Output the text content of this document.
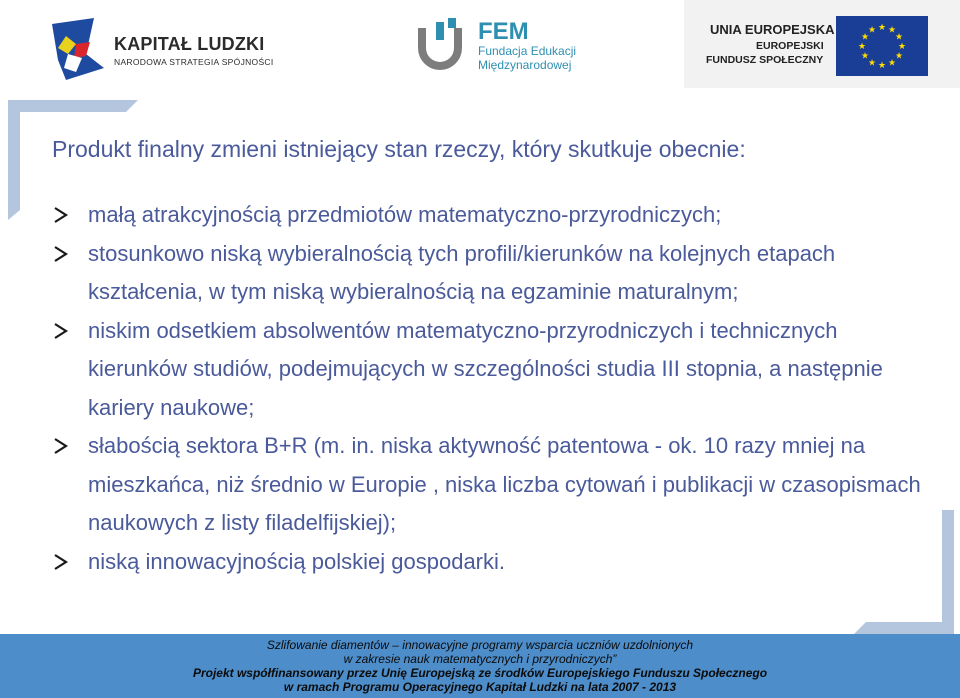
KAPITAŁ LUDZKI
NARODOWA STRATEGIA SPÓJNOŚCI
FEM
Fundacja Edukacji
Międzynarodowej
UNIA EUROPEJSKA
EUROPEJSKI
FUNDUSZ SPOŁECZNY
★ ★
★
★
★
★
★
★
★
★
★
★

Produkt finalny zmieni istniejący stan rzeczy, który skutkuje obecnie:

małą atrakcyjnością przedmiotów matematyczno-przyrodniczych;
stosunkowo niską wybieralnością tych profili/kierunków na kolejnych etapach kształcenia, w tym niską wybieralnością na egzaminie maturalnym;
niskim odsetkiem absolwentów matematyczno-przyrodniczych i technicznych kierunków studiów, podejmujących w szczególności studia III stopnia, a następnie kariery naukowe;
słabością sektora B+R (m. in. niska aktywność patentowa - ok. 10 razy mniej na mieszkańca, niż średnio w Europie , niska liczba cytowań i publikacji w czasopismach naukowych z listy filadelfijskiej);
niską innowacyjnością polskiej gospodarki.
Szlifowanie diamentów – innowacyjne programy wsparcia uczniów uzdolnionych
w zakresie nauk matematycznych i przyrodniczych”
Projekt współfinansowany przez Unię Europejską ze środków Europejskiego Funduszu Społecznego
w ramach Programu Operacyjnego Kapitał Ludzki na lata 2007 - 2013
